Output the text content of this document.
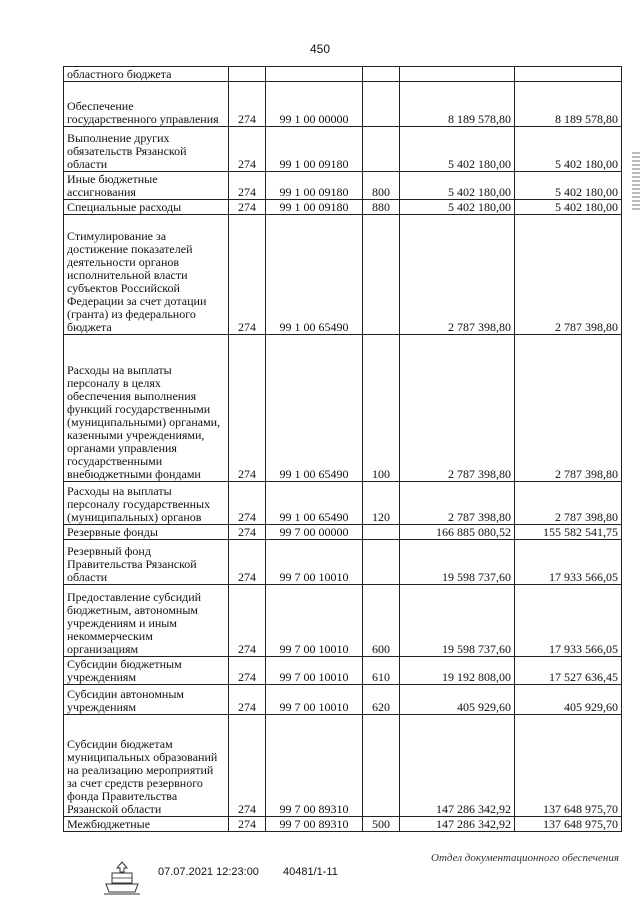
450
областного бюджета					
Обеспечение государственного управления	274	99 1 00 00000		8 189 578,80	8 189 578,80
Выполнение других обязательств Рязанской области	274	99 1 00 09180		5 402 180,00	5 402 180,00
Иные бюджетные ассигнования	274	99 1 00 09180	800	5 402 180,00	5 402 180,00
Специальные расходы	274	99 1 00 09180	880	5 402 180,00	5 402 180,00
Стимулирование за достижение показателей деятельности органов исполнительной власти субъектов Российской Федерации за счет дотации (гранта) из федерального бюджета	274	99 1 00 65490		2 787 398,80	2 787 398,80
Расходы на выплаты персоналу в целях обеспечения выполнения функций государственными (муниципальными) органами, казенными учреждениями, органами управления государственными внебюджетными фондами	274	99 1 00 65490	100	2 787 398,80	2 787 398,80
Расходы на выплаты персоналу государственных (муниципальных) органов	274	99 1 00 65490	120	2 787 398,80	2 787 398,80
Резервные фонды	274	99 7 00 00000		166 885 080,52	155 582 541,75
Резервный фонд Правительства Рязанской области	274	99 7 00 10010		19 598 737,60	17 933 566,05
Предоставление субсидий бюджетным, автономным учреждениям и иным некоммерческим организациям	274	99 7 00 10010	600	19 598 737,60	17 933 566,05
Субсидии бюджетным учреждениям	274	99 7 00 10010	610	19 192 808,00	17 527 636,45
Субсидии автономным учреждениям	274	99 7 00 10010	620	405 929,60	405 929,60
Субсидии бюджетам муниципальных образований на реализацию мероприятий за счет средств резервного фонда Правительства Рязанской области	274	99 7 00 89310		147 286 342,92	137 648 975,70
Межбюджетные	274	99 7 00 89310	500	147 286 342,92	137 648 975,70
07.07.2021 12:23:00 40481/1-11
Отдел документационного обеспечения
